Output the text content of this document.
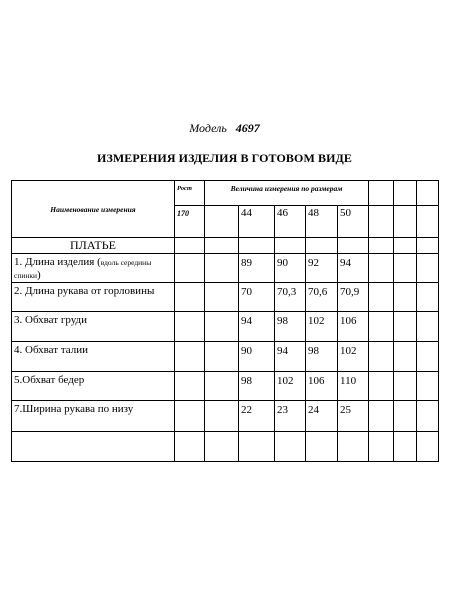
Модель 4697
ИЗМЕРЕНИЯ ИЗДЕЛИЯ В ГОТОВОМ ВИДЕ
Наименование измерения	Рост	Величина измерения по размерам							
	170		44	46	48	50			
ПЛАТЬЕ									
1. Длина изделия (вдоль середины спинки)			89	90	92	94			
2. Длина рукава от горловины			70	70,3	70,6	70,9			
3. Обхват груди			94	98	102	106			
4. Обхват талии			90	94	98	102			
5.Обхват бедер			98	102	106	110			
7.Ширина рукава по низу			22	23	24	25			
